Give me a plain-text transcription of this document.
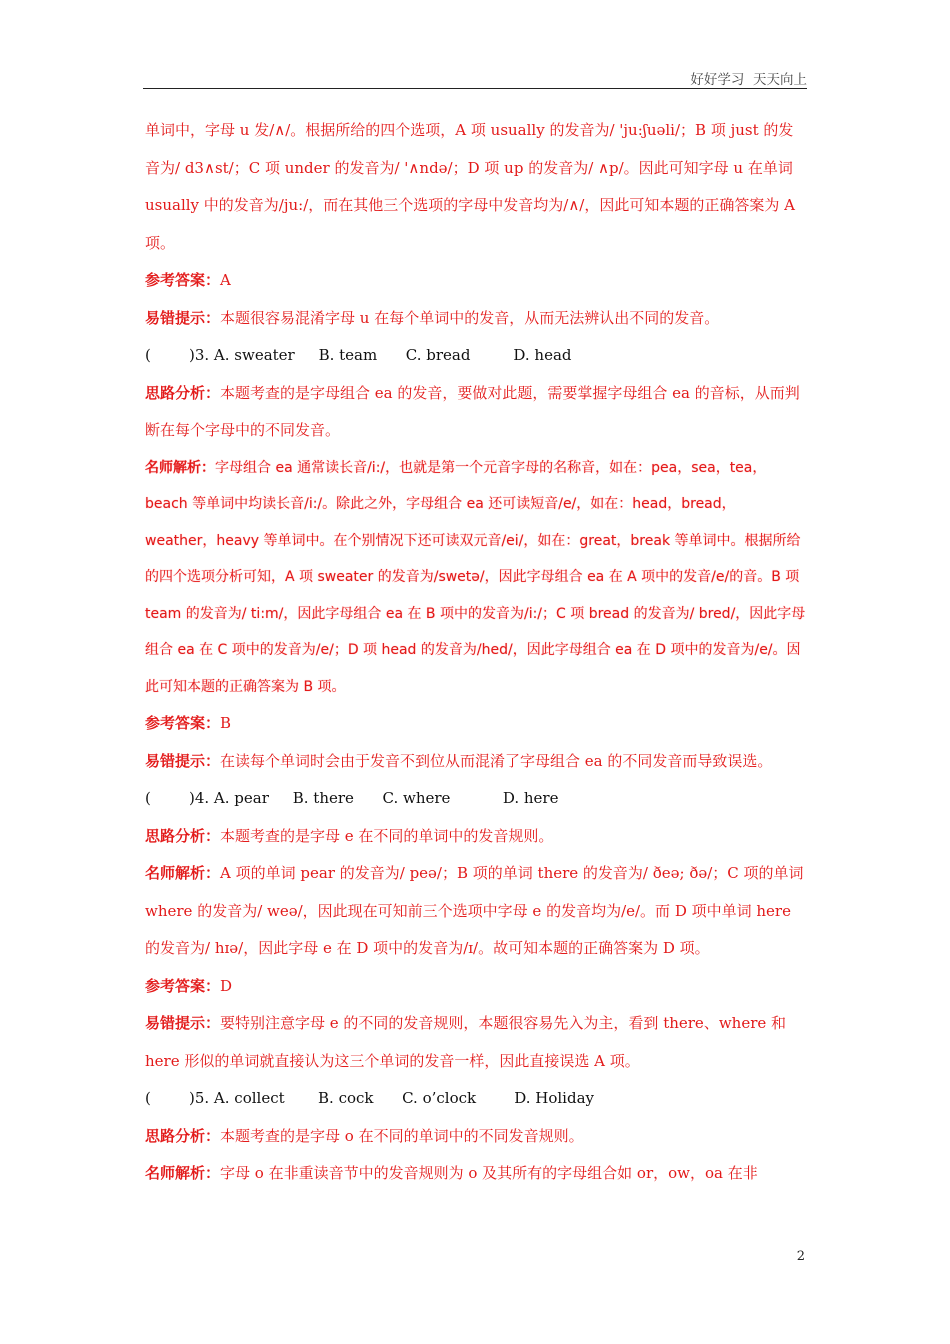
好好学习  天天向上

单词中，字母 u 发/∧/。根据所给的四个选项，A 项 usually 的发音为/ 'ju:ʃuəli/；B 项 just 的发音为/ d3∧st/；C 项 under 的发音为/ '∧ndə/；D 项 up 的发音为/ ∧p/。因此可知字母 u 在单词 usually 中的发音为/ju:/，而在其他三个选项的字母中发音均为/∧/，因此可知本题的正确答案为 A 项。

参考答案：A

易错提示：本题很容易混淆字母 u 在每个单词中的发音，从而无法辨认出不同的发音。

(        )3. A. sweater     B. team      C. bread         D. head

思路分析：本题考查的是字母组合 ea 的发音，要做对此题，需要掌握字母组合 ea 的音标，从而判断在每个字母中的不同发音。

名师解析：字母组合 ea 通常读长音/i:/，也就是第一个元音字母的名称音，如在：pea，sea，tea，beach 等单词中均读长音/i:/。除此之外，字母组合 ea 还可读短音/e/，如在：head，bread，weather，heavy 等单词中。在个别情况下还可读双元音/ei/，如在：great，break 等单词中。根据所给的四个选项分析可知，A 项 sweater 的发音为/swetə/，因此字母组合 ea 在 A 项中的发音/e/的音。B 项 team 的发音为/ ti:m/，因此字母组合 ea 在 B 项中的发音为/i:/；C 项 bread 的发音为/ bred/，因此字母组合 ea 在 C 项中的发音为/e/；D 项 head 的发音为/hed/，因此字母组合 ea 在 D 项中的发音为/e/。因此可知本题的正确答案为 B 项。

参考答案：B

易错提示：在读每个单词时会由于发音不到位从而混淆了字母组合 ea 的不同发音而导致误选。

(        )4. A. pear     B. there      C. where           D. here

思路分析：本题考查的是字母 e 在不同的单词中的发音规则。

名师解析：A 项的单词 pear 的发音为/ peə/；B 项的单词 there 的发音为/ ðeə; ðə/；C 项的单词 where 的发音为/ weə/，因此现在可知前三个选项中字母 e 的发音均为/e/。而 D 项中单词 here 的发音为/ hɪə/，因此字母 e 在 D 项中的发音为/ɪ/。故可知本题的正确答案为 D 项。

参考答案：D

易错提示：要特别注意字母 e 的不同的发音规则，本题很容易先入为主，看到 there、where 和 here 形似的单词就直接认为这三个单词的发音一样，因此直接误选 A 项。

(        )5. A. collect       B. cock      C. o’clock        D. Holiday

思路分析：本题考查的是字母 o 在不同的单词中的不同发音规则。

名师解析：字母 o 在非重读音节中的发音规则为 o 及其所有的字母组合如 or，ow，oa 在非

2
